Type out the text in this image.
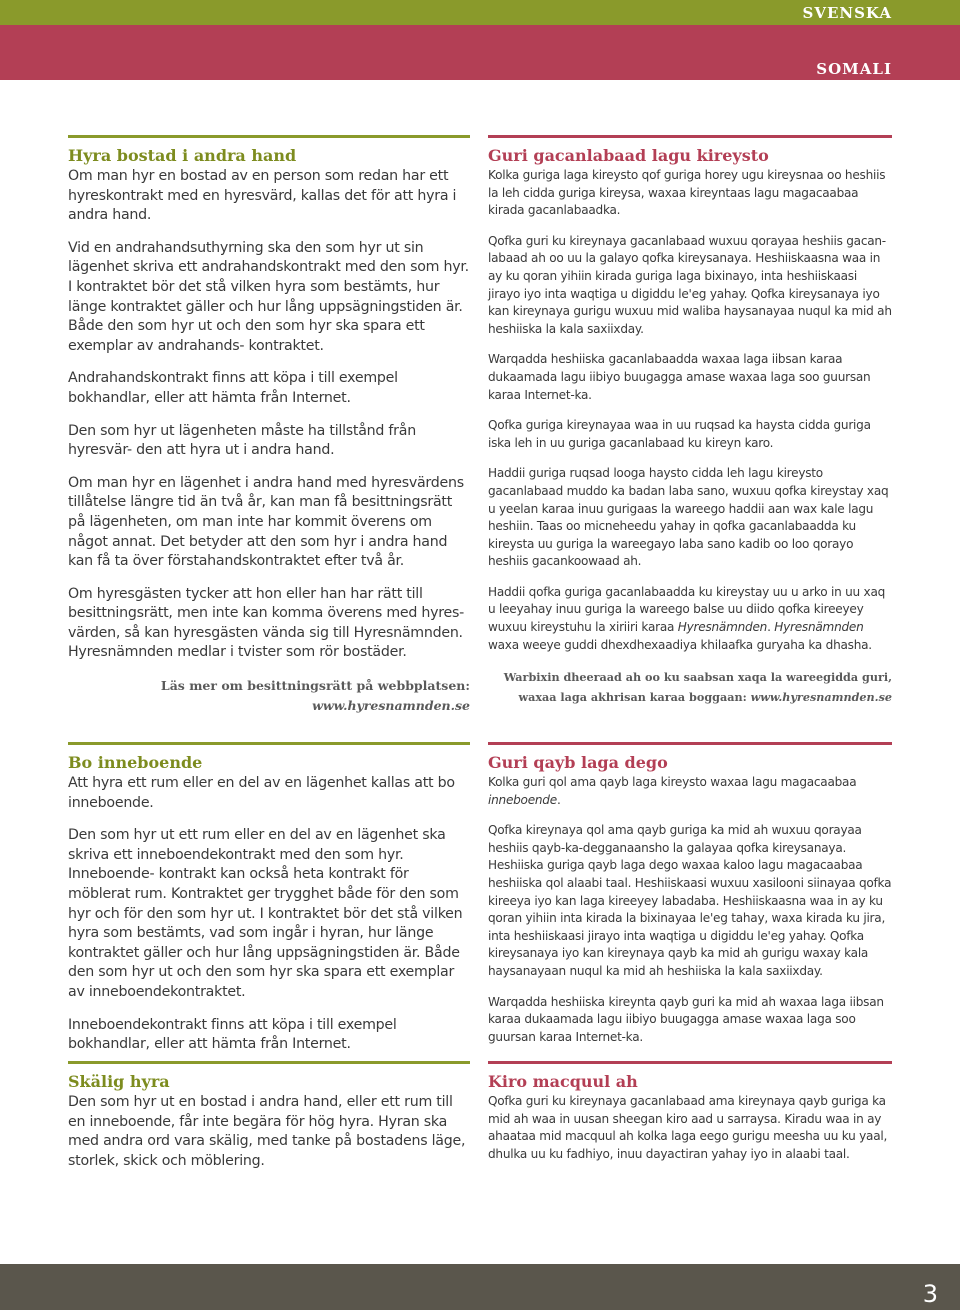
SVENSKA
SOMALI
Hyra bostad i andra hand

Om man hyr en bostad av en person som redan har ett hyreskontrakt med en hyresvärd, kallas det för att hyra i andra hand.

Vid en andrahandsuthyrning ska den som hyr ut sin lägenhet skriva ett andrahandskontrakt med den som hyr. I kontraktet bör det stå vilken hyra som bestämts, hur länge kontraktet gäller och hur lång uppsägningstiden är. Både den som hyr ut och den som hyr ska spara ett exemplar av andrahands- kontraktet.

Andrahandskontrakt finns att köpa i till exempel bokhandlar, eller att hämta från Internet.

Den som hyr ut lägenheten måste ha tillstånd från hyresvär- den att hyra ut i andra hand.

Om man hyr en lägenhet i andra hand med hyresvärdens tillåtelse längre tid än två år, kan man få besittningsrätt på lägenheten, om man inte har kommit överens om något annat. Det betyder att den som hyr i andra hand kan få ta över förstahandskontraktet efter två år.

Om hyresgästen tycker att hon eller han har rätt till besittningsrätt, men inte kan komma överens med hyres- värden, så kan hyresgästen vända sig till Hyresnämnden. Hyresnämnden medlar i tvister som rör bostäder.

Läs mer om besittningsrätt på webbplatsen:
www.hyresnamnden.se
Guri gacanlabaad lagu kireysto

Kolka guriga laga kireysto qof guriga horey ugu kireysnaa oo heshiis la leh cidda guriga kireysa, waxaa kireyntaas lagu magacaabaa kirada gacanlabaadka.

Qofka guri ku kireynaya gacanlabaad wuxuu qorayaa heshiis gacan- labaad ah oo uu la galayo qofka kireysanaya. Heshiiskaasna waa in ay ku qoran yihiin kirada guriga laga bixinayo, inta heshiiskaasi jirayo iyo inta waqtiga u digiddu le'eg yahay. Qofka kireysanaya iyo kan kireynaya gurigu wuxuu mid waliba haysanayaa nuqul ka mid ah heshiiska la kala saxiixday.

Warqadda heshiiska gacanlabaadda waxaa laga iibsan karaa dukaamada lagu iibiyo buugagga amase waxaa laga soo guursan karaa Internet-ka.

Qofka guriga kireynayaa waa in uu ruqsad ka haysta cidda guriga iska leh in uu guriga gacanlabaad ku kireyn karo.

Haddii guriga ruqsad looga haysto cidda leh lagu kireysto gacanlabaad muddo ka badan laba sano, wuxuu qofka kireystay xaq u yeelan karaa inuu gurigaas la wareego haddii aan wax kale lagu heshiin. Taas oo micneheedu yahay in qofka gacanlabaadda ku kireysta uu guriga la wareegayo laba sano kadib oo loo qorayo heshiis gacankoowaad ah.

Haddii qofka guriga gacanlabaadda ku kireystay uu u arko in uu xaq u leeyahay inuu guriga la wareego balse uu diido qofka kireeyey wuxuu kireystuhu la xiriiri karaa Hyresnämnden. Hyresnämnden waxa weeye guddi dhexdhexaadiya khilaafka guryaha ka dhasha.

Warbixin dheeraad ah oo ku saabsan xaqa la wareegidda guri, waxaa laga akhrisan karaa boggaan: www.hyresnamnden.se
Bo inneboende

Att hyra ett rum eller en del av en lägenhet kallas att bo inneboende.

Den som hyr ut ett rum eller en del av en lägenhet ska skriva ett inneboendekontrakt med den som hyr. Inneboende- kontrakt kan också heta kontrakt för möblerat rum. Kontraktet ger trygghet både för den som hyr och för den som hyr ut. I kontraktet bör det stå vilken hyra som bestämts, vad som ingår i hyran, hur länge kontraktet gäller och hur lång uppsägningstiden är. Både den som hyr ut och den som hyr ska spara ett exemplar av inneboendekontraktet.

Inneboendekontrakt finns att köpa i till exempel bokhandlar, eller att hämta från Internet.

Skälig hyra

Den som hyr ut en bostad i andra hand, eller ett rum till en inneboende, får inte begära för hög hyra. Hyran ska med andra ord vara skälig, med tanke på bostadens läge, storlek, skick och möblering.

Guri qayb laga dego

Kolka guri qol ama qayb laga kireysto waxaa lagu magacaabaa inneboende.

Qofka kireynaya qol ama qayb guriga ka mid ah wuxuu qorayaa heshiis qayb-ka-degganaansho la galayaa qofka kireysanaya. Heshiiska guriga qayb laga dego waxaa kaloo lagu magacaabaa heshiiska qol alaabi taal. Heshiiskaasi wuxuu xasilooni siinayaa qofka kireeya iyo kan laga kireeyey labadaba. Heshiiskaasna waa in ay ku qoran yihiin inta kirada la bixinayaa le'eg tahay, waxa kirada ku jira, inta heshiiskaasi jirayo inta waqtiga u digiddu le'eg yahay. Qofka kireysanaya iyo kan kireynaya qayb ka mid ah gurigu waxay kala haysanayaan nuqul ka mid ah heshiiska la kala saxiixday.

Warqadda heshiiska kireynta qayb guri ka mid ah waxaa laga iibsan karaa dukaamada lagu iibiyo buugagga amase waxaa laga soo guursan karaa Internet-ka.

Kiro macquul ah

Qofka guri ku kireynaya gacanlabaad ama kireynaya qayb guriga ka mid ah waa in uusan sheegan kiro aad u sarraysa. Kiradu waa in ay ahaataa mid macquul ah kolka laga eego gurigu meesha uu ku yaal, dhulka uu ku fadhiyo, inuu dayactiran yahay iyo in alaabi taal.

3
